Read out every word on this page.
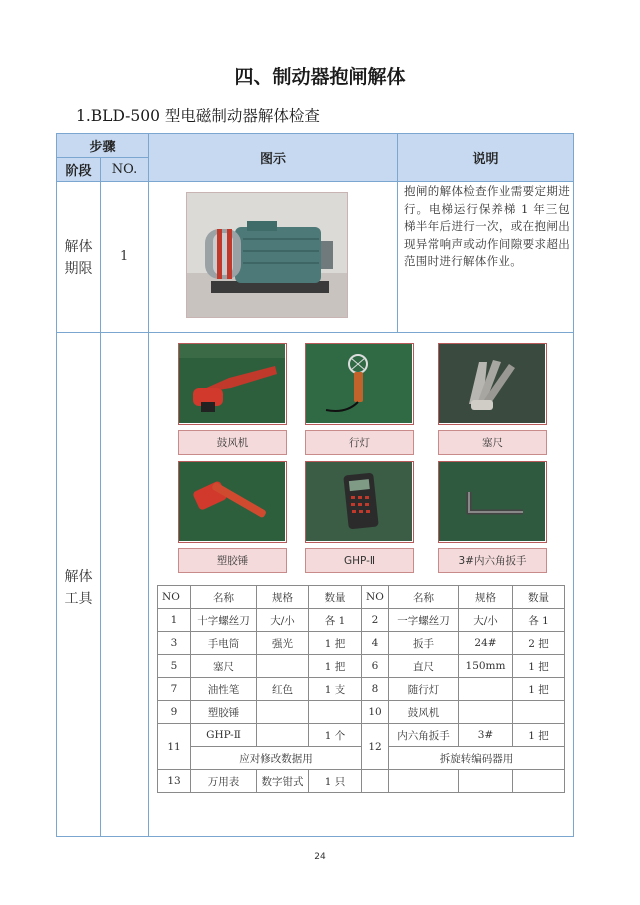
四、制动器抱闸解体
1.BLD-500 型电磁制动器解体检查
步骤
阶段	NO.
图示	说明
解体
期限
1
抱闸的解体检查作业需要定期进行。电梯运行保养梯 1 年三包梯半年后进行一次，或在抱闸出现异常响声或动作间隙要求超出范围时进行解体作业。
解体
工具
鼓风机	行灯	塞尺
塑胶锤	GHP-Ⅱ	3#内六角扳手
NO	名称	规格	数量	NO	名称	规格	数量
1	十字螺丝刀	大/小	各 1	2	一字螺丝刀	大/小	各 1
3	手电筒	强光	1 把	4	扳手	24#	2 把
5	塞尺		1 把	6	直尺	150mm	1 把
7	油性笔	红色	1 支	8	随行灯		1 把
9	塑胶锤			10	鼓风机		
11	GHP-Ⅱ		1 个	12	内六角扳手	3#	1 把
	应对修改数据用				拆旋转编码器用		
13	万用表	数字钳式	1 只				
24
